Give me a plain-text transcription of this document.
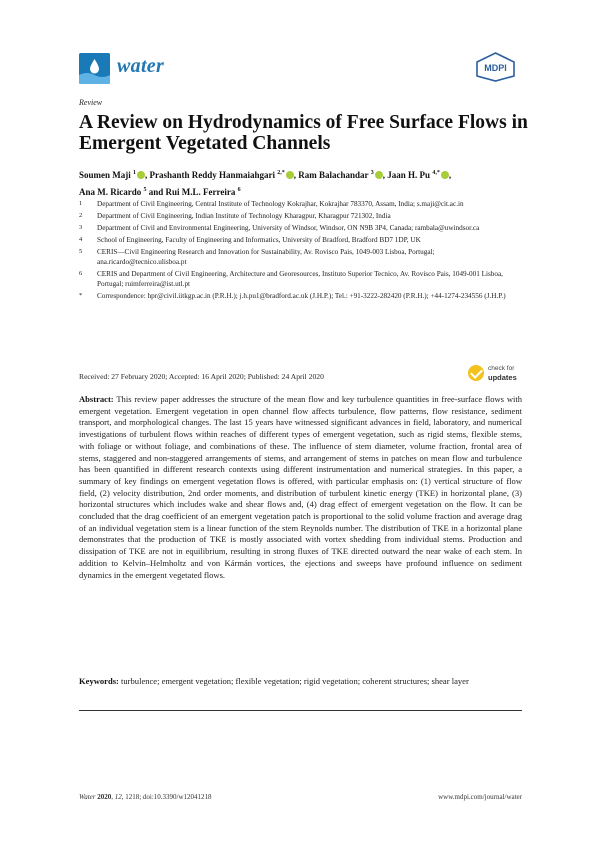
water	MDPI
Review
A Review on Hydrodynamics of Free Surface Flows in Emergent Vegetated Channels
Soumen Maji $^1$ , Prashanth Reddy Hanmaiahgari $^{2,*}$ , Ram Balachandar $^3$ , Jaan H. Pu $^{4,*}$ ,
Ana M. Ricardo $^5$ and Rui M.L. Ferreira $^6$
1	Department of Civil Engineering, Central Institute of Technology Kokrajhar, Kokrajhar 783370, Assam, India; s.maji@cit.ac.in
2	Department of Civil Engineering, Indian Institute of Technology Kharagpur, Kharagpur 721302, India
3	Department of Civil and Environmental Engineering, University of Windsor, Windsor, ON N9B 3P4, Canada; rambala@uwindsor.ca
4	School of Engineering, Faculty of Engineering and Informatics, University of Bradford, Bradford BD7 1DP, UK
5	CERIS—Civil Engineering Research and Innovation for Sustainability, Av. Rovisco Pais, 1049-003 Lisboa, Portugal; ana.ricardo@tecnico.ulisboa.pt
6	CERIS and Department of Civil Engineering, Architecture and Georesources, Instituto Superior Tecnico, Av. Rovisco Pais, 1049-001 Lisboa, Portugal; ruimferreira@ist.utl.pt
*	Correspondence: hpr@civil.iitkgp.ac.in (P.R.H.); j.h.pu1@bradford.ac.uk (J.H.P.); Tel.: +91-3222-282420 (P.R.H.); +44-1274-234556 (J.H.P.)
Received: 27 February 2020; Accepted: 16 April 2020; Published: 24 April 2020
check for
updates

Abstract: This review paper addresses the structure of the mean flow and key turbulence quantities in free-surface flows with emergent vegetation. Emergent vegetation in open channel flow affects turbulence, flow patterns, flow resistance, sediment transport, and morphological changes. The last 15 years have witnessed significant advances in field, laboratory, and numerical investigations of turbulent flows within reaches of different types of emergent vegetation, such as rigid stems, flexible stems, with foliage or without foliage, and combinations of these. The influence of stem diameter, volume fraction, frontal area of stems, staggered and non-staggered arrangements of stems, and arrangement of stems in patches on mean flow and turbulence has been quantified in different research contexts using different instrumentation and numerical strategies. In this paper, a summary of key findings on emergent vegetation flows is offered, with particular emphasis on: (1) vertical structure of flow field, (2) velocity distribution, 2nd order moments, and distribution of turbulent kinetic energy (TKE) in horizontal plane, (3) horizontal structures which includes wake and shear flows and, (4) drag effect of emergent vegetation on the flow. It can be concluded that the drag coefficient of an emergent vegetation patch is proportional to the solid volume fraction and average drag of an individual vegetation stem is a linear function of the stem Reynolds number. The distribution of TKE in a horizontal plane demonstrates that the production of TKE is mostly associated with vortex shedding from individual stems. Production and dissipation of TKE are not in equilibrium, resulting in strong fluxes of TKE directed outward the near wake of each stem. In addition to Kelvin–Helmholtz and von Kármán vortices, the ejections and sweeps have profound influence on sediment dynamics in the emergent vegetated flows.

Keywords: turbulence; emergent vegetation; flexible vegetation; rigid vegetation; coherent structures; shear layer

Water 2020, 12, 1218; doi:10.3390/w12041218	www.mdpi.com/journal/water
